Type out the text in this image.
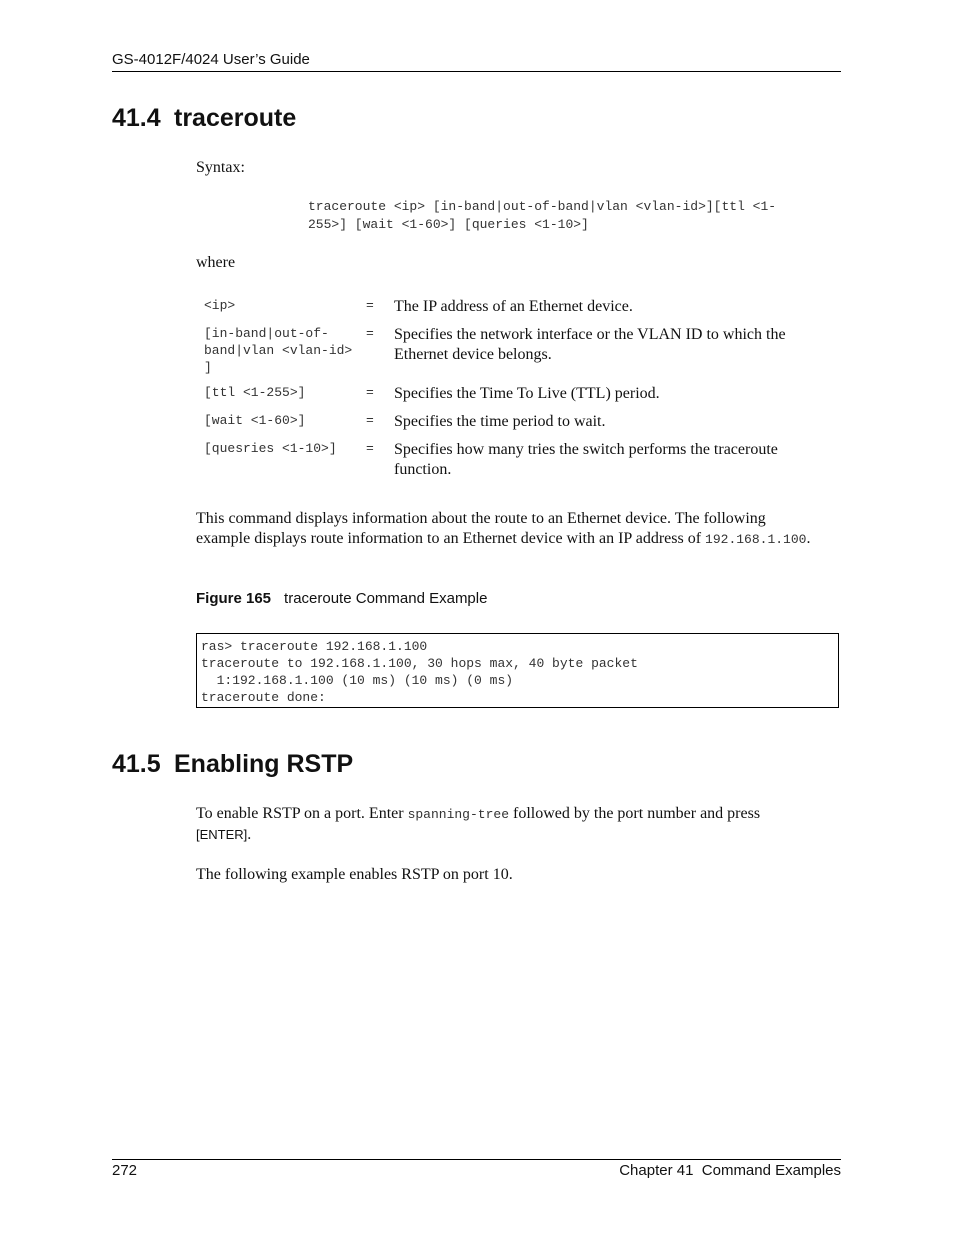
GS-4012F/4024 User’s Guide
41.4 traceroute
Syntax:
traceroute <ip> [in-band|out-of-band|vlan <vlan-id>][ttl <1-
255>] [wait <1-60>] [queries <1-10>]
where
<ip>	=	The IP address of an Ethernet device.
[in-band|out-of-band|vlan <vlan-id> ]	=	Specifies the network interface or the VLAN ID to which the Ethernet device belongs.
[ttl <1-255>]	=	Specifies the Time To Live (TTL) period.
[wait <1-60>]	=	Specifies the time period to wait.
[quesries <1-10>]	=	Specifies how many tries the switch performs the traceroute function.
This command displays information about the route to an Ethernet device. The following example displays route information to an Ethernet device with an IP address of 192.168.1.100.
Figure 165 traceroute Command Example
ras> traceroute 192.168.1.100
traceroute to 192.168.1.100, 30 hops max, 40 byte packet
1:192.168.1.100 (10 ms) (10 ms) (0 ms)
traceroute done:
41.5 Enabling RSTP
To enable RSTP on a port. Enter spanning-tree followed by the port number and press
[ENTER].
The following example enables RSTP on port 10.
272	Chapter 41  Command Examples
